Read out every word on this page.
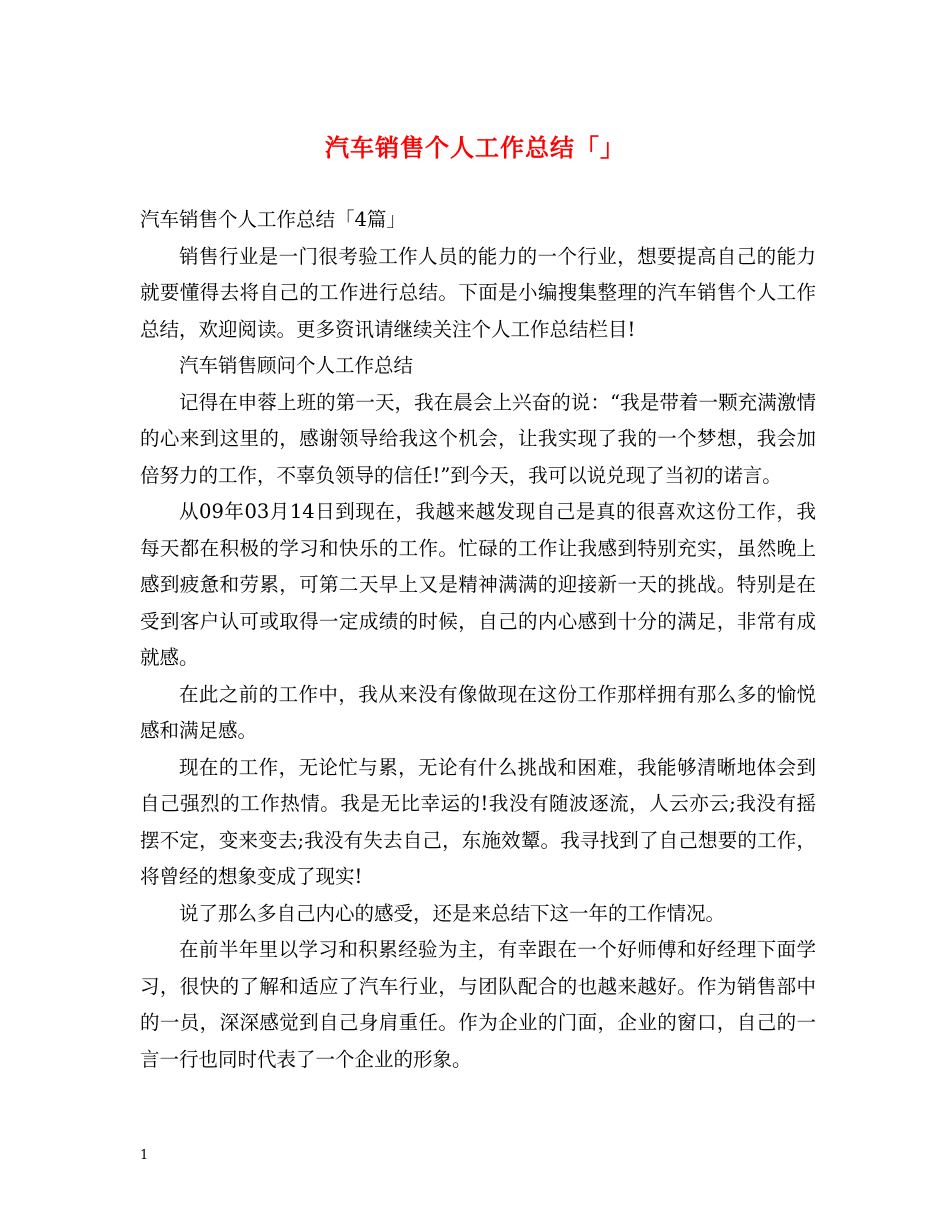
汽车销售个人工作总结「」

汽车销售个人工作总结「4篇」

销售行业是一门很考验工作人员的能力的一个行业，想要提高自己的能力就要懂得去将自己的工作进行总结。下面是小编搜集整理的汽车销售个人工作总结，欢迎阅读。更多资讯请继续关注个人工作总结栏目!

汽车销售顾问个人工作总结

记得在申蓉上班的第一天，我在晨会上兴奋的说：“我是带着一颗充满激情的心来到这里的，感谢领导给我这个机会，让我实现了我的一个梦想，我会加倍努力的工作，不辜负领导的信任!”到今天，我可以说兑现了当初的诺言。

从09年03月14日到现在，我越来越发现自己是真的很喜欢这份工作，我每天都在积极的学习和快乐的工作。忙碌的工作让我感到特别充实，虽然晚上感到疲惫和劳累，可第二天早上又是精神满满的迎接新一天的挑战。特别是在受到客户认可或取得一定成绩的时候，自己的内心感到十分的满足，非常有成就感。

在此之前的工作中，我从来没有像做现在这份工作那样拥有那么多的愉悦感和满足感。

现在的工作，无论忙与累，无论有什么挑战和困难，我能够清晰地体会到自己强烈的工作热情。我是无比幸运的!我没有随波逐流，人云亦云;我没有摇摆不定，变来变去;我没有失去自己，东施效颦。我寻找到了自己想要的工作，将曾经的想象变成了现实!

说了那么多自己内心的感受，还是来总结下这一年的工作情况。

在前半年里以学习和积累经验为主，有幸跟在一个好师傅和好经理下面学习，很快的了解和适应了汽车行业，与团队配合的也越来越好。作为销售部中的一员，深深感觉到自己身肩重任。作为企业的门面，企业的窗口，自己的一言一行也同时代表了一个企业的形象。

1
